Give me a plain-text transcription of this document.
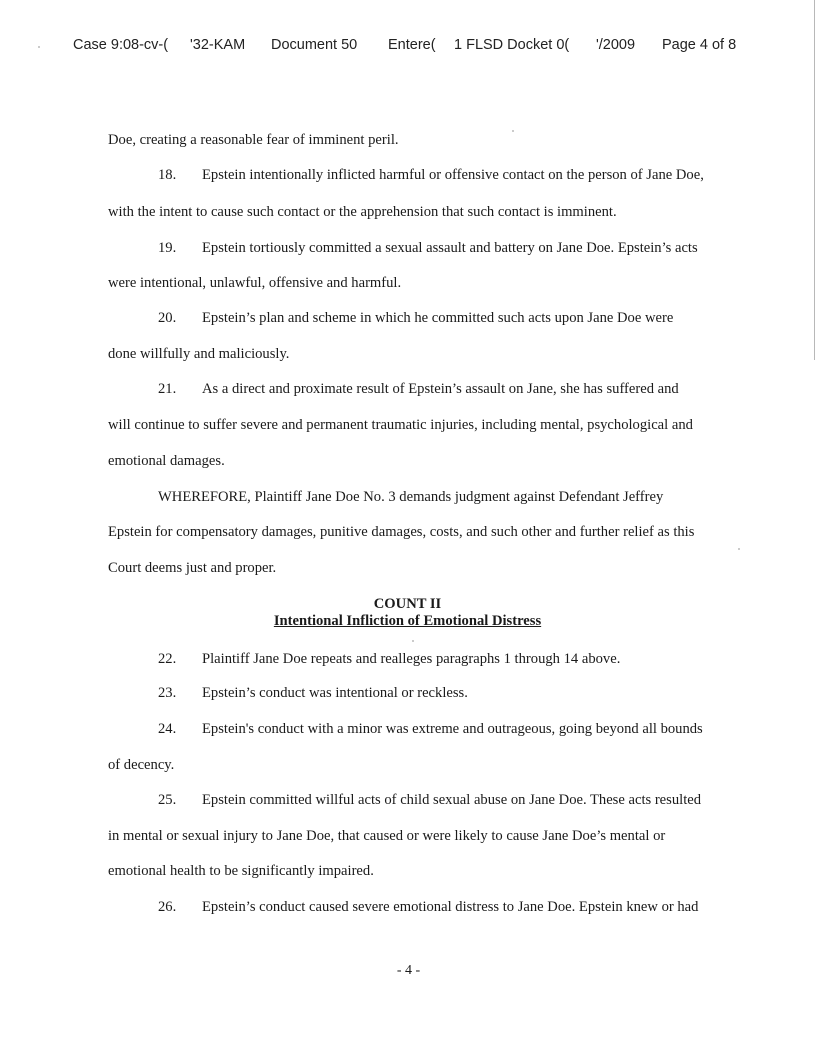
Case 9:08-cv-( '32-KAM Document 50 Entere( 1 FLSD Docket 0( '/2009 Page 4 of 8
Doe, creating a reasonable fear of imminent peril.
18. Epstein intentionally inflicted harmful or offensive contact on the person of Jane Doe,
with the intent to cause such contact or the apprehension that such contact is imminent.
19. Epstein tortiously committed a sexual assault and battery on Jane Doe. Epstein’s acts
were intentional, unlawful, offensive and harmful.
20. Epstein’s plan and scheme in which he committed such acts upon Jane Doe were
done willfully and maliciously.
21. As a direct and proximate result of Epstein’s assault on Jane, she has suffered and
will continue to suffer severe and permanent traumatic injuries, including mental, psychological and
emotional damages.
WHEREFORE, Plaintiff Jane Doe No. 3 demands judgment against Defendant Jeffrey
Epstein for compensatory damages, punitive damages, costs, and such other and further relief as this
Court deems just and proper.
COUNT II
Intentional Infliction of Emotional Distress
22. Plaintiff Jane Doe repeats and realleges paragraphs 1 through 14 above.
23. Epstein’s conduct was intentional or reckless.
24. Epstein's conduct with a minor was extreme and outrageous, going beyond all bounds
of decency.
25. Epstein committed willful acts of child sexual abuse on Jane Doe. These acts resulted
in mental or sexual injury to Jane Doe, that caused or were likely to cause Jane Doe’s mental or
emotional health to be significantly impaired.
26. Epstein’s conduct caused severe emotional distress to Jane Doe. Epstein knew or had
- 4 -
